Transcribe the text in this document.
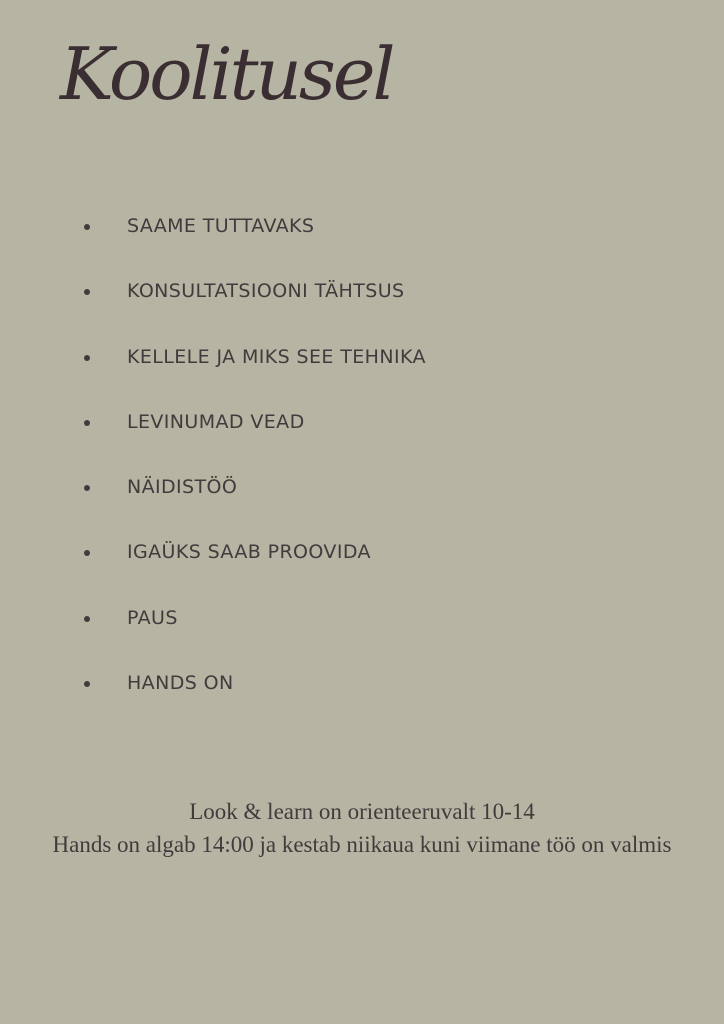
Koolitusel
SAAME TUTTAVAKS
KONSULTATSIOONI TÄHTSUS
KELLELE JA MIKS SEE TEHNIKA
LEVINUMAD VEAD
NÄIDISTÖÖ
IGAÜKS SAAB PROOVIDA
PAUS
HANDS ON
Look & learn on orienteeruvalt 10-14
Hands on algab 14:00 ja kestab niikaua kuni viimane töö on valmis
